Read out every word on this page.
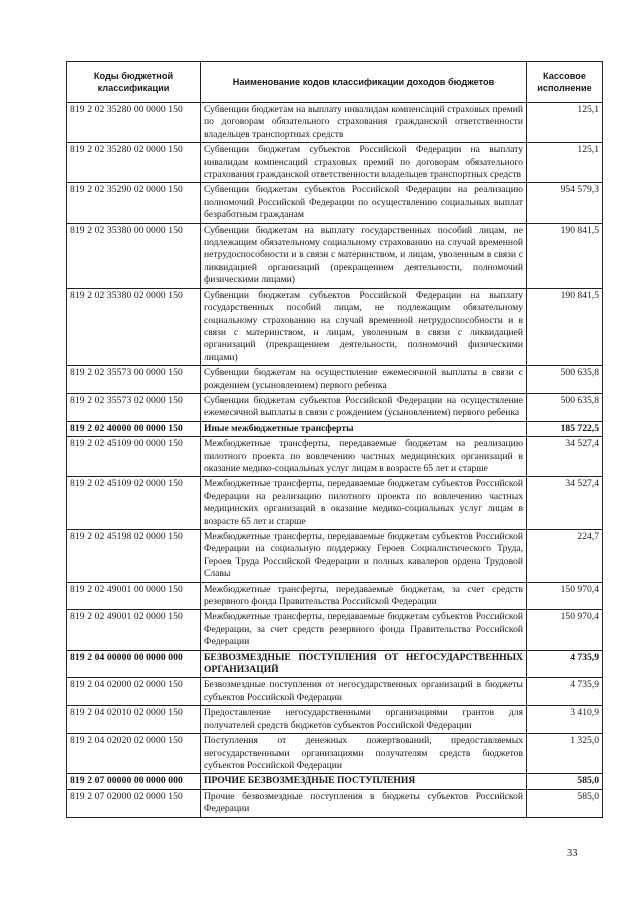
Коды бюджетной классификации	Наименование кодов классификации доходов бюджетов	Кассовое исполнение
819 2 02 35280 00 0000 150	Субвенции бюджетам на выплату инвалидам компенсаций страховых премий по договорам обязательного страхования гражданской ответственности владельцев транспортных средств	125,1
819 2 02 35280 02 0000 150	Субвенции бюджетам субъектов Российской Федерации на выплату инвалидам компенсаций страховых премий по договорам обязательного страхования гражданской ответственности владельцев транспортных средств	125,1
819 2 02 35290 02 0000 150	Субвенции бюджетам субъектов Российской Федерации на реализацию полномочий Российской Федерации по осуществлению социальных выплат безработным гражданам	954 579,3
819 2 02 35380 00 0000 150	Субвенции бюджетам на выплату государственных пособий лицам, не подлежащим обязательному социальному страхованию на случай временной нетрудоспособности и в связи с материнством, и лицам, уволенным в связи с ликвидацией организаций (прекращением деятельности, полномочий физическими лицами)	190 841,5
819 2 02 35380 02 0000 150	Субвенции бюджетам субъектов Российской Федерации на выплату государственных пособий лицам, не подлежащим обязательному социальному страхованию на случай временной нетрудоспособности и в связи с материнством, и лицам, уволенным в связи с ликвидацией организаций (прекращением деятельности, полномочий физическими лицами)	190 841,5
819 2 02 35573 00 0000 150	Субвенции бюджетам на осуществление ежемесячной выплаты в связи с рождением (усыновлением) первого ребенка	500 635,8
819 2 02 35573 02 0000 150	Субвенции бюджетам субъектов Российской Федерации на осуществление ежемесячной выплаты в связи с рождением (усыновлением) первого ребенка	500 635,8
819 2 02 40000 00 0000 150	Иные межбюджетные трансферты	185 722,5
819 2 02 45109 00 0000 150	Межбюджетные трансферты, передаваемые бюджетам на реализацию пилотного проекта по вовлечению частных медицинских организаций в оказание медико-социальных услуг лицам в возрасте 65 лет и старше	34 527,4
819 2 02 45109 02 0000 150	Межбюджетные трансферты, передаваемые бюджетам субъектов Российской Федерации на реализацию пилотного проекта по вовлечению частных медицинских организаций в оказание медико-социальных услуг лицам в возрасте 65 лет и старше	34 527,4
819 2 02 45198 02 0000 150	Межбюджетные трансферты, передаваемые бюджетам субъектов Российской Федерации на социальную поддержку Героев Социалистического Труда, Героев Труда Российской Федерации и полных кавалеров ордена Трудовой Славы	224,7
819 2 02 49001 00 0000 150	Межбюджетные трансферты, передаваемые бюджетам, за счет средств резервного фонда Правительства Российской Федерации	150 970,4
819 2 02 49001 02 0000 150	Межбюджетные трансферты, передаваемые бюджетам субъектов Российской Федерации, за счет средств резервного фонда Правительства Российской Федерации	150 970,4
819 2 04 00000 00 0000 000	БЕЗВОЗМЕЗДНЫЕ ПОСТУПЛЕНИЯ ОТ НЕГОСУДАРСТВЕННЫХ ОРГАНИЗАЦИЙ	4 735,9
819 2 04 02000 02 0000 150	Безвозмездные поступления от негосударственных организаций в бюджеты субъектов Российской Федерации	4 735,9
819 2 04 02010 02 0000 150	Предоставление негосударственными организациями грантов для получателей средств бюджетов субъектов Российской Федерации	3 410,9
819 2 04 02020 02 0000 150	Поступления от денежных пожертвований, предоставляемых негосударственными организациями получателям средств бюджетов субъектов Российской Федерации	1 325,0
819 2 07 00000 00 0000 000	ПРОЧИЕ БЕЗВОЗМЕЗДНЫЕ ПОСТУПЛЕНИЯ	585,0
819 2 07 02000 02 0000 150	Прочие безвозмездные поступления в бюджеты субъектов Российской Федерации	585,0
33
